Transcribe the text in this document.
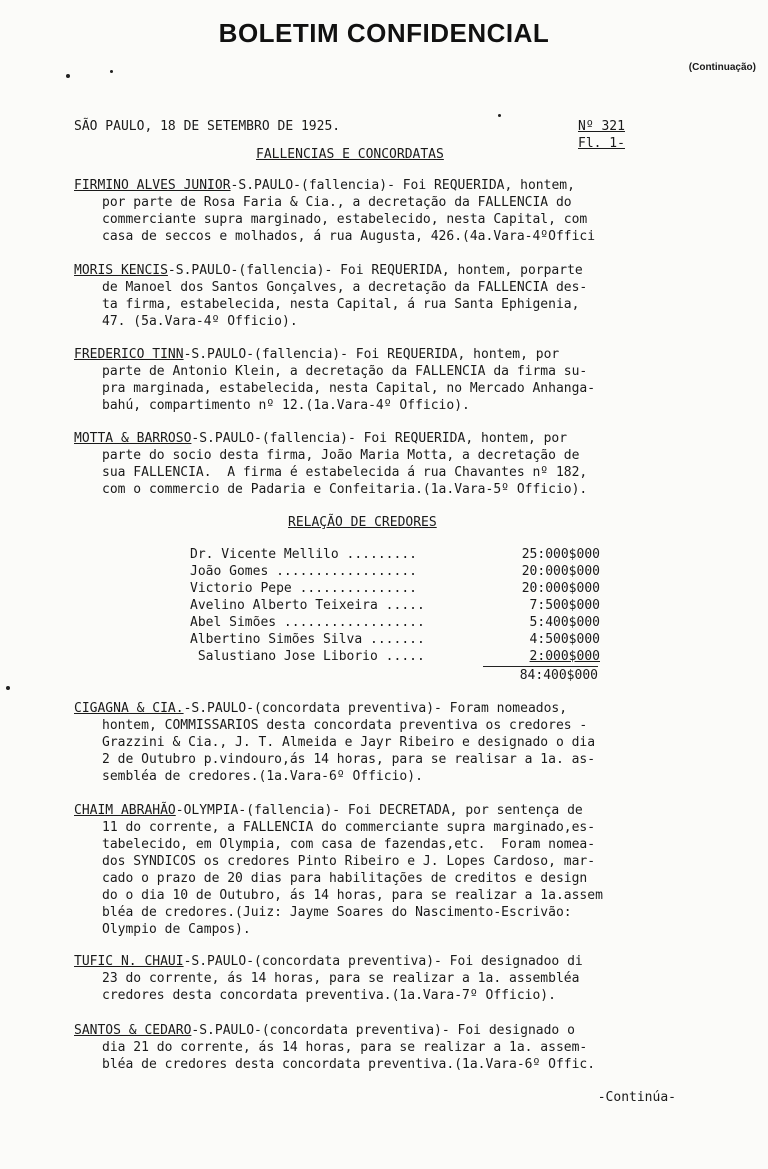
BOLETIM CONFIDENCIAL
(Continuação)
SÃO PAULO, 18 DE SETEMBRO DE 1925.	Nº 321
Fl. 1-
FALLENCIAS E CONCORDATAS

FIRMINO ALVES JUNIOR-S.PAULO-(fallencia)- Foi REQUERIDA, hontem,

por parte de Rosa Faria & Cia., a decretação da FALLENCIA do

commerciante supra marginado, estabelecido, nesta Capital, com

casa de seccos e molhados, á rua Augusta, 426.(4a.Vara-4ºOffici

MORIS KENCIS-S.PAULO-(fallencia)- Foi REQUERIDA, hontem, porparte

de Manoel dos Santos Gonçalves, a decretação da FALLENCIA des-

ta firma, estabelecida, nesta Capital, á rua Santa Ephigenia,

47. (5a.Vara-4º Officio).

FREDERICO TINN-S.PAULO-(fallencia)- Foi REQUERIDA, hontem, por

parte de Antonio Klein, a decretação da FALLENCIA da firma su-

pra marginada, estabelecida, nesta Capital, no Mercado Anhanga-

bahú, compartimento nº 12.(1a.Vara-4º Officio).

MOTTA & BARROSO-S.PAULO-(fallencia)- Foi REQUERIDA, hontem, por

parte do socio desta firma, João Maria Motta, a decretação de

sua FALLENCIA.  A firma é estabelecida á rua Chavantes nº 182,

com o commercio de Padaria e Confeitaria.(1a.Vara-5º Officio).

RELAÇÃO DE CREDORES
Dr. Vicente Mellilo .........	25:000$000
João Gomes ..................	20:000$000
Victorio Pepe ...............	20:000$000
Avelino Alberto Teixeira .....	7:500$000
Abel Simões ..................	5:400$000
Albertino Simões Silva .......	4:500$000
Salustiano Jose Liborio .....	2:000$000
84:400$000

CIGAGNA & CIA.-S.PAULO-(concordata preventiva)- Foram nomeados,

hontem, COMMISSARIOS desta concordata preventiva os credores -

Grazzini & Cia., J. T. Almeida e Jayr Ribeiro e designado o dia

2 de Outubro p.vindouro,ás 14 horas, para se realisar a 1a. as-

sembléa de credores.(1a.Vara-6º Officio).

CHAIM ABRAHÃO-OLYMPIA-(fallencia)- Foi DECRETADA, por sentença de

11 do corrente, a FALLENCIA do commerciante supra marginado,es-

tabelecido, em Olympia, com casa de fazendas,etc.  Foram nomea-

dos SYNDICOS os credores Pinto Ribeiro e J. Lopes Cardoso, mar-

cado o prazo de 20 dias para habilitações de creditos e design

do o dia 10 de Outubro, ás 14 horas, para se realizar a 1a.assem

bléa de credores.(Juiz: Jayme Soares do Nascimento-Escrivão:

Olympio de Campos).

TUFIC N. CHAUI-S.PAULO-(concordata preventiva)- Foi designadoo di

23 do corrente, ás 14 horas, para se realizar a 1a. assembléa

credores desta concordata preventiva.(1a.Vara-7º Officio).

SANTOS & CEDARO-S.PAULO-(concordata preventiva)- Foi designado o

dia 21 do corrente, ás 14 horas, para se realizar a 1a. assem-

bléa de credores desta concordata preventiva.(1a.Vara-6º Offic.

-Continúa-
